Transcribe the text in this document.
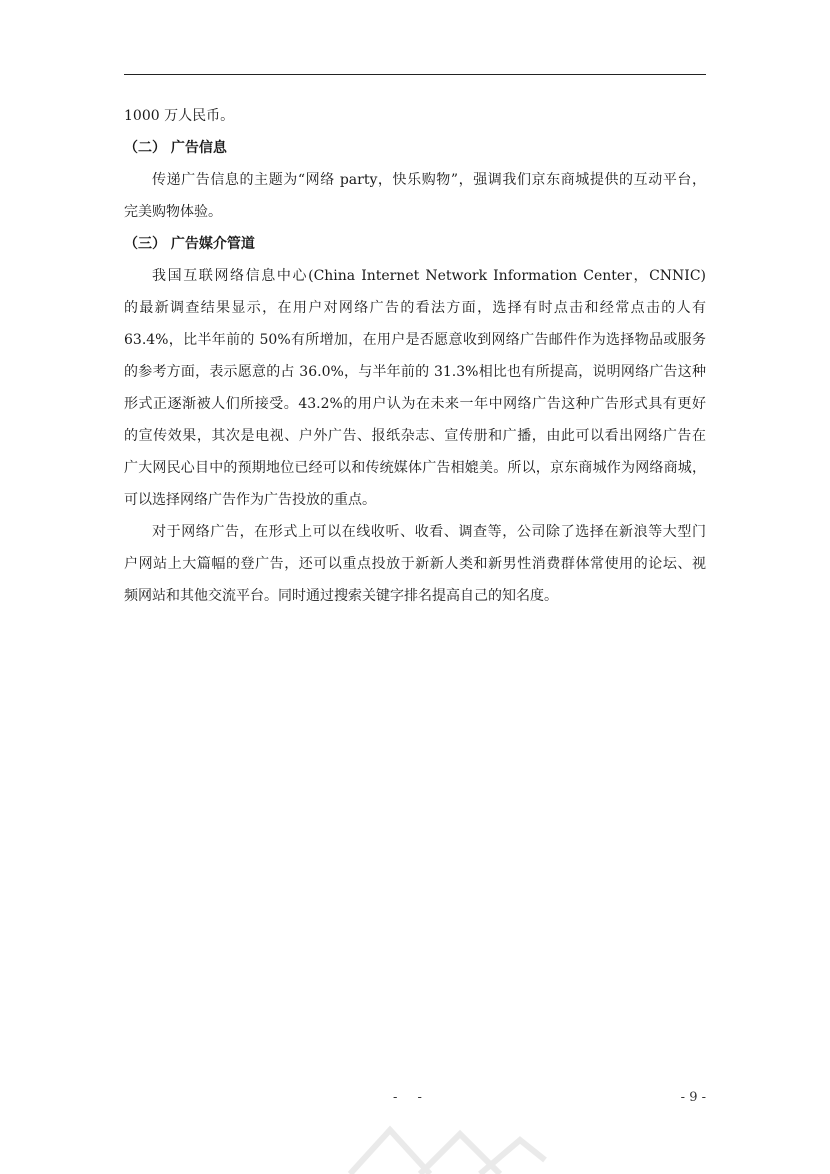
1000 万人民币。
（二） 广告信息
传递广告信息的主题为“网络 party，快乐购物”，强调我们京东商城提供的互动平台，
完美购物体验。
（三） 广告媒介管道
我国互联网络信息中心(China Internet Network Information Center，CNNIC)
的最新调查结果显示，在用户对网络广告的看法方面，选择有时点击和经常点击的人有
63.4%，比半年前的 50%有所增加，在用户是否愿意收到网络广告邮件作为选择物品或服务
的参考方面，表示愿意的占 36.0%，与半年前的 31.3%相比也有所提高，说明网络广告这种
形式正逐渐被人们所接受。43.2%的用户认为在未来一年中网络广告这种广告形式具有更好
的宣传效果，其次是电视、户外广告、报纸杂志、宣传册和广播，由此可以看出网络广告在
广大网民心目中的预期地位已经可以和传统媒体广告相媲美。所以，京东商城作为网络商城，
可以选择网络广告作为广告投放的重点。
对于网络广告，在形式上可以在线收听、收看、调查等，公司除了选择在新浪等大型门
户网站上大篇幅的登广告，还可以重点投放于新新人类和新男性消费群体常使用的论坛、视
频网站和其他交流平台。同时通过搜索关键字排名提高自己的知名度。
- -	- 9 -
